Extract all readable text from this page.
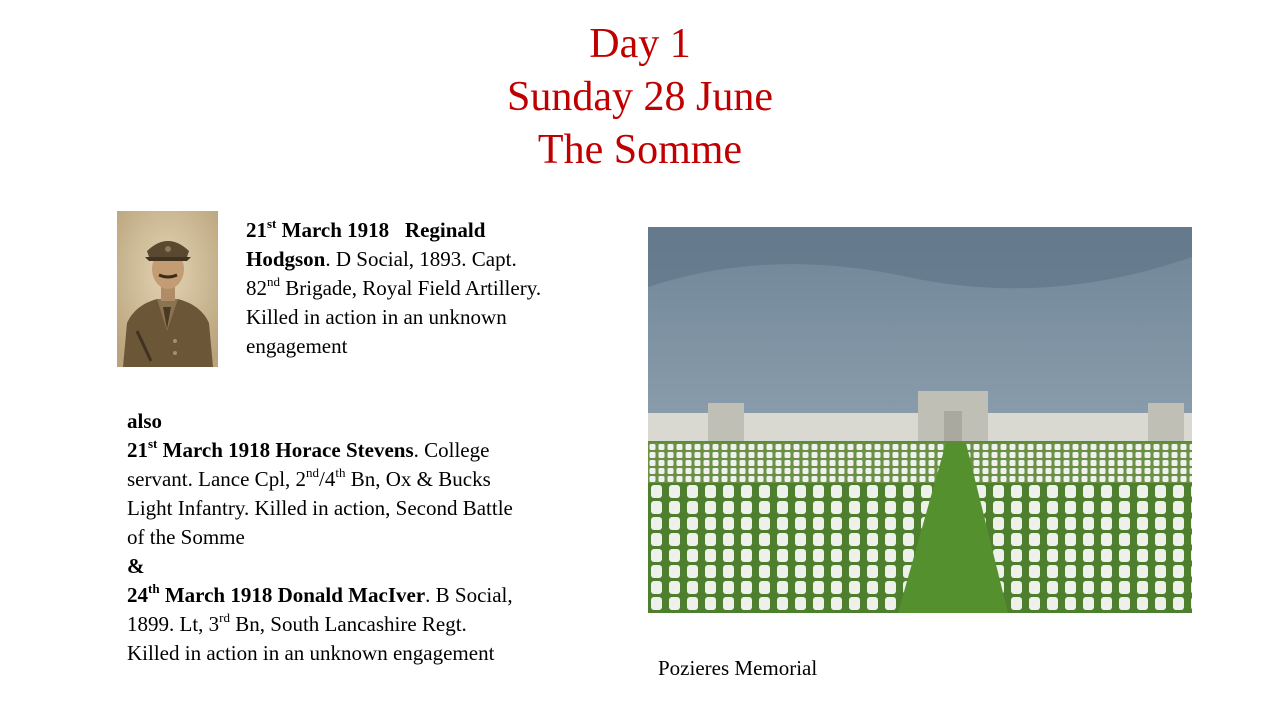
Day 1
Sunday 28 June
The Somme
21st March 1918 Reginald
Hodgson. D Social, 1893. Capt.
82nd Brigade, Royal Field Artillery.
Killed in action in an unknown
engagement
also
21st March 1918 Horace Stevens. College
servant. Lance Cpl, 2nd/4th Bn, Ox & Bucks
Light Infantry. Killed in action, Second Battle
of the Somme
&
24th March 1918 Donald MacIver. B Social,
1899. Lt, 3rd Bn, South Lancashire Regt.
Killed in action in an unknown engagement
Pozieres Memorial
